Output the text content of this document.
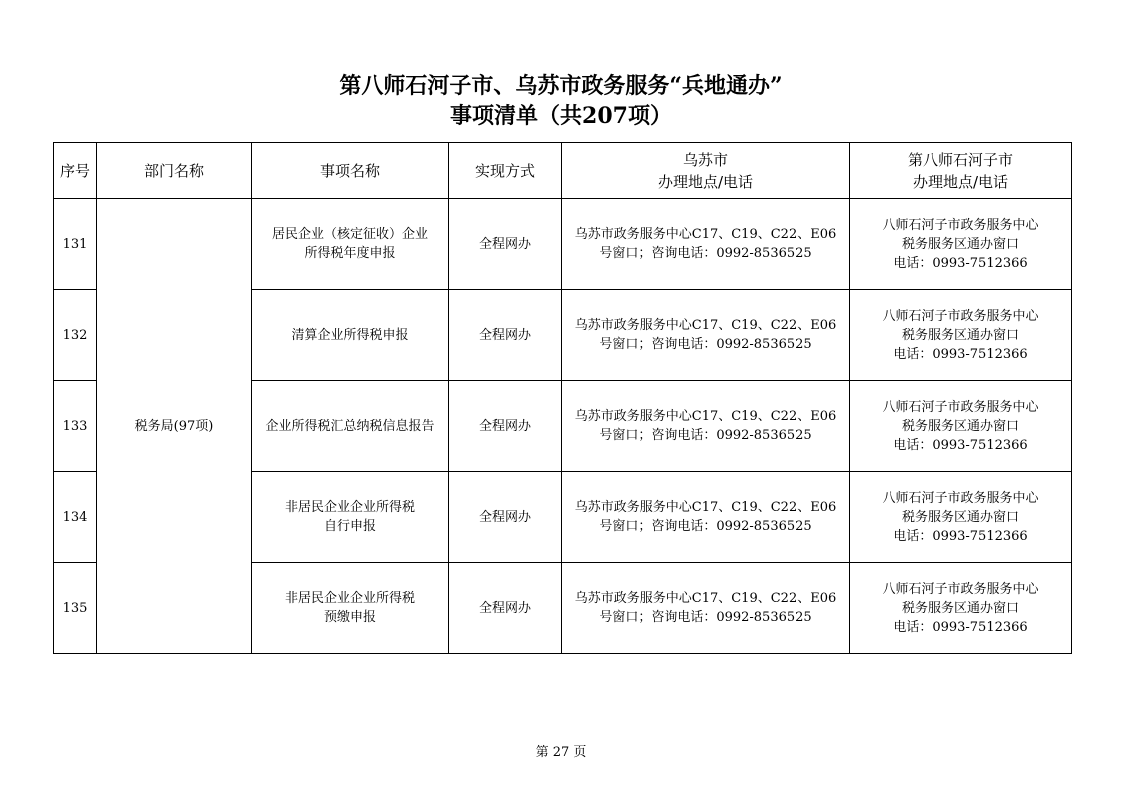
第八师石河子市、乌苏市政务服务“兵地通办”
事项清单（共207项）
序号	部门名称	事项名称	实现方式	乌苏市
办理地点/电话	第八师石河子市
办理地点/电话
131	税务局(97项)	居民企业（核定征收）企业
所得税年度申报	全程网办	乌苏市政务服务中心C17、C19、C22、E06
号窗口；咨询电话：0992-8536525	八师石河子市政务服务中心
税务服务区通办窗口
电话：0993-7512366
132		清算企业所得税申报	全程网办	乌苏市政务服务中心C17、C19、C22、E06
号窗口；咨询电话：0992-8536525	八师石河子市政务服务中心
税务服务区通办窗口
电话：0993-7512366
133		企业所得税汇总纳税信息报告	全程网办	乌苏市政务服务中心C17、C19、C22、E06
号窗口；咨询电话：0992-8536525	八师石河子市政务服务中心
税务服务区通办窗口
电话：0993-7512366
134		非居民企业企业所得税
自行申报	全程网办	乌苏市政务服务中心C17、C19、C22、E06
号窗口；咨询电话：0992-8536525	八师石河子市政务服务中心
税务服务区通办窗口
电话：0993-7512366
135		非居民企业企业所得税
预缴申报	全程网办	乌苏市政务服务中心C17、C19、C22、E06
号窗口；咨询电话：0992-8536525	八师石河子市政务服务中心
税务服务区通办窗口
电话：0993-7512366
第 27 页
